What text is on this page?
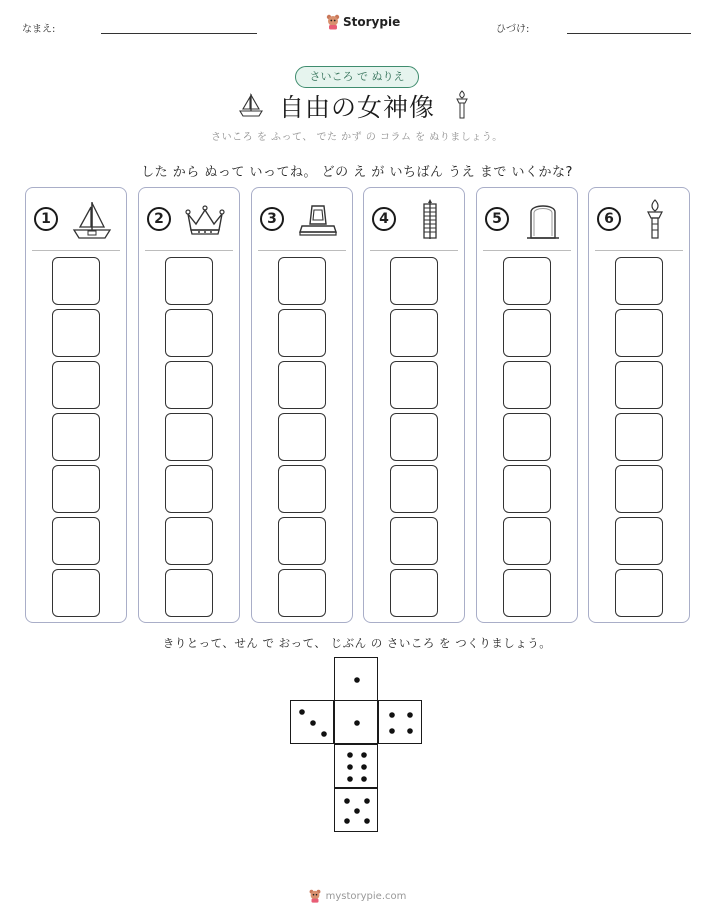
なまえ:
Storypie
ひづけ:
さいころ で ぬりえ
自由の女神像
さいころ を ふって、 でた かず の コラム を ぬりましょう。
した から ぬって いってね。 どの え が いちばん うえ まで いくかな?
1	2	3	4	5	6
きりとって、せん で おって、 じぶん の さいころ を つくりましょう。
mystorypie.com
